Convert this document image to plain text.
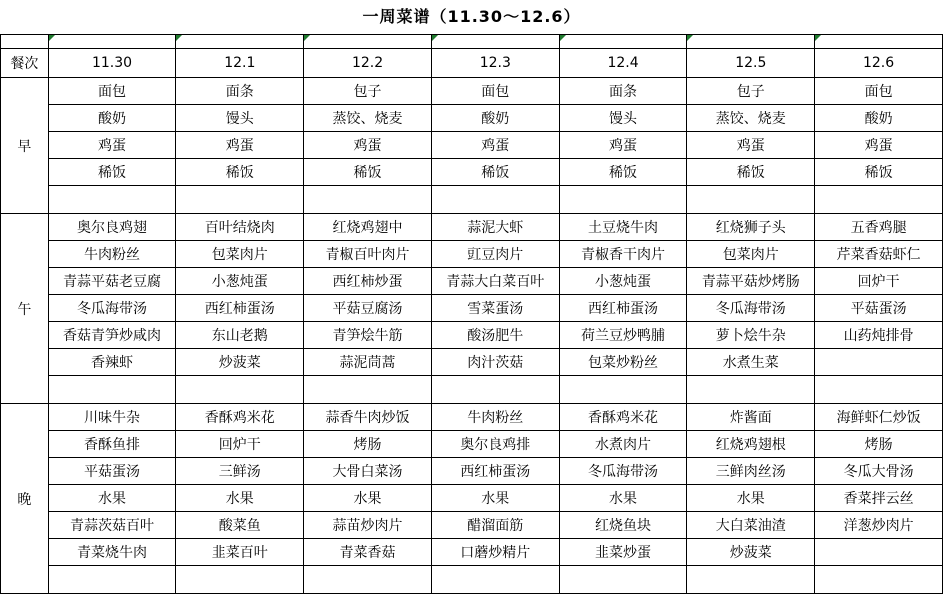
一周菜谱（11.30～12.6）

餐次	11.30	12.1	12.2	12.3	12.4	12.5	12.6
早	面包	面条	包子	面包	面条	包子	面包
	酸奶	馒头	蒸饺、烧麦	酸奶	馒头	蒸饺、烧麦	酸奶
	鸡蛋	鸡蛋	鸡蛋	鸡蛋	鸡蛋	鸡蛋	鸡蛋
	稀饭	稀饭	稀饭	稀饭	稀饭	稀饭	稀饭

午	奥尔良鸡翅	百叶结烧肉	红烧鸡翅中	蒜泥大虾	土豆烧牛肉	红烧狮子头	五香鸡腿
	牛肉粉丝	包菜肉片	青椒百叶肉片	豇豆肉片	青椒香干肉片	包菜肉片	芹菜香菇虾仁
	青蒜平菇老豆腐	小葱炖蛋	西红柿炒蛋	青蒜大白菜百叶	小葱炖蛋	青蒜平菇炒烤肠	回炉干
	冬瓜海带汤	西红柿蛋汤	平菇豆腐汤	雪菜蛋汤	西红柿蛋汤	冬瓜海带汤	平菇蛋汤
	香菇青笋炒咸肉	东山老鹅	青笋烩牛筋	酸汤肥牛	荷兰豆炒鸭脯	萝卜烩牛杂	山药炖排骨
	香辣虾	炒菠菜	蒜泥茼蒿	肉汁茨菇	包菜炒粉丝	水煮生菜	

晚	川味牛杂	香酥鸡米花	蒜香牛肉炒饭	牛肉粉丝	香酥鸡米花	炸酱面	海鲜虾仁炒饭
	香酥鱼排	回炉干	烤肠	奥尔良鸡排	水煮肉片	红烧鸡翅根	烤肠
	平菇蛋汤	三鲜汤	大骨白菜汤	西红柿蛋汤	冬瓜海带汤	三鲜肉丝汤	冬瓜大骨汤
	水果	水果	水果	水果	水果	水果	香菜拌云丝
	青蒜茨菇百叶	酸菜鱼	蒜苗炒肉片	醋溜面筋	红烧鱼块	大白菜油渣	洋葱炒肉片
	青菜烧牛肉	韭菜百叶	青菜香菇	口蘑炒精片	韭菜炒蛋	炒菠菜	
